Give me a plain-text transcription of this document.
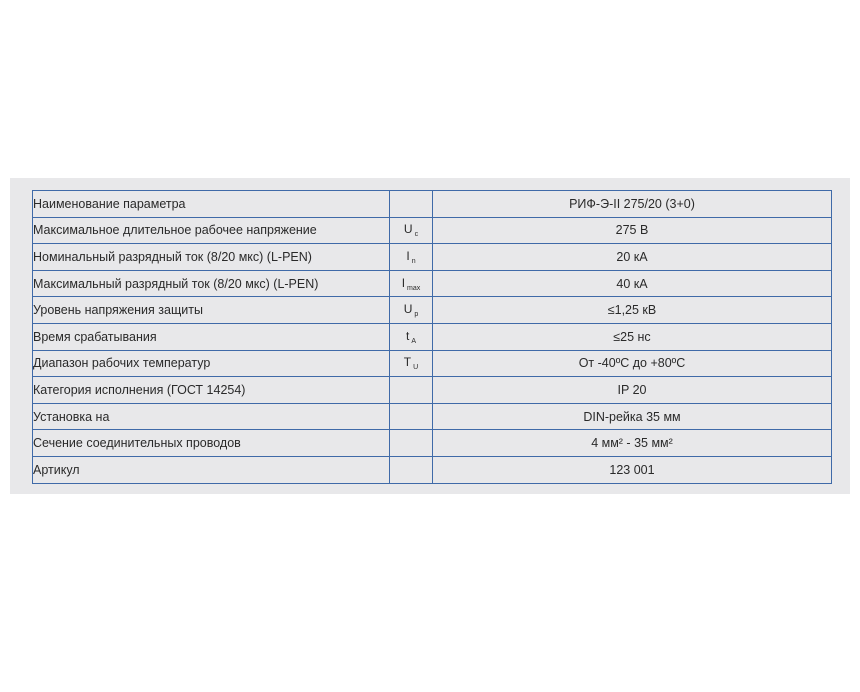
Наименование параметра		РИФ-Э-II 275/20 (3+0)
Максимальное длительное рабочее напряжение	U $_c$	275 В
Номинальный разрядный ток (8/20 мкс) (L-PEN)	I $_n$	20 кА
Максимальный разрядный ток (8/20 мкс) (L-PEN)	I $_{max}$	40 кА
Уровень напряжения защиты	U $_p$	≤1,25 кВ
Время срабатывания	t $_A$	≤25 нс
Диапазон рабочих температур	T $_U$	От -40ºС до +80ºС
Категория исполнения (ГОСТ 14254)		IP 20
Установка на		DIN-рейка 35 мм
Сечение соединительных проводов		4 мм² - 35 мм²
Артикул		123 001
